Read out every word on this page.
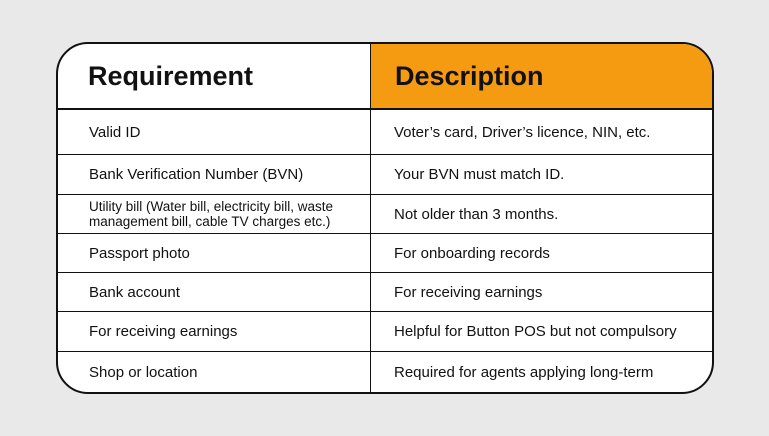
Requirement	Description
Valid ID	Voter’s card, Driver’s licence, NIN, etc.
Bank Verification Number (BVN)	Your BVN must match ID.
Utility bill (Water bill, electricity bill, waste
management bill, cable TV charges etc.)	Not older than 3 months.
Passport photo	For onboarding records
Bank account	For receiving earnings
For receiving earnings	Helpful for Button POS but not compulsory
Shop or location	Required for agents applying long-term
